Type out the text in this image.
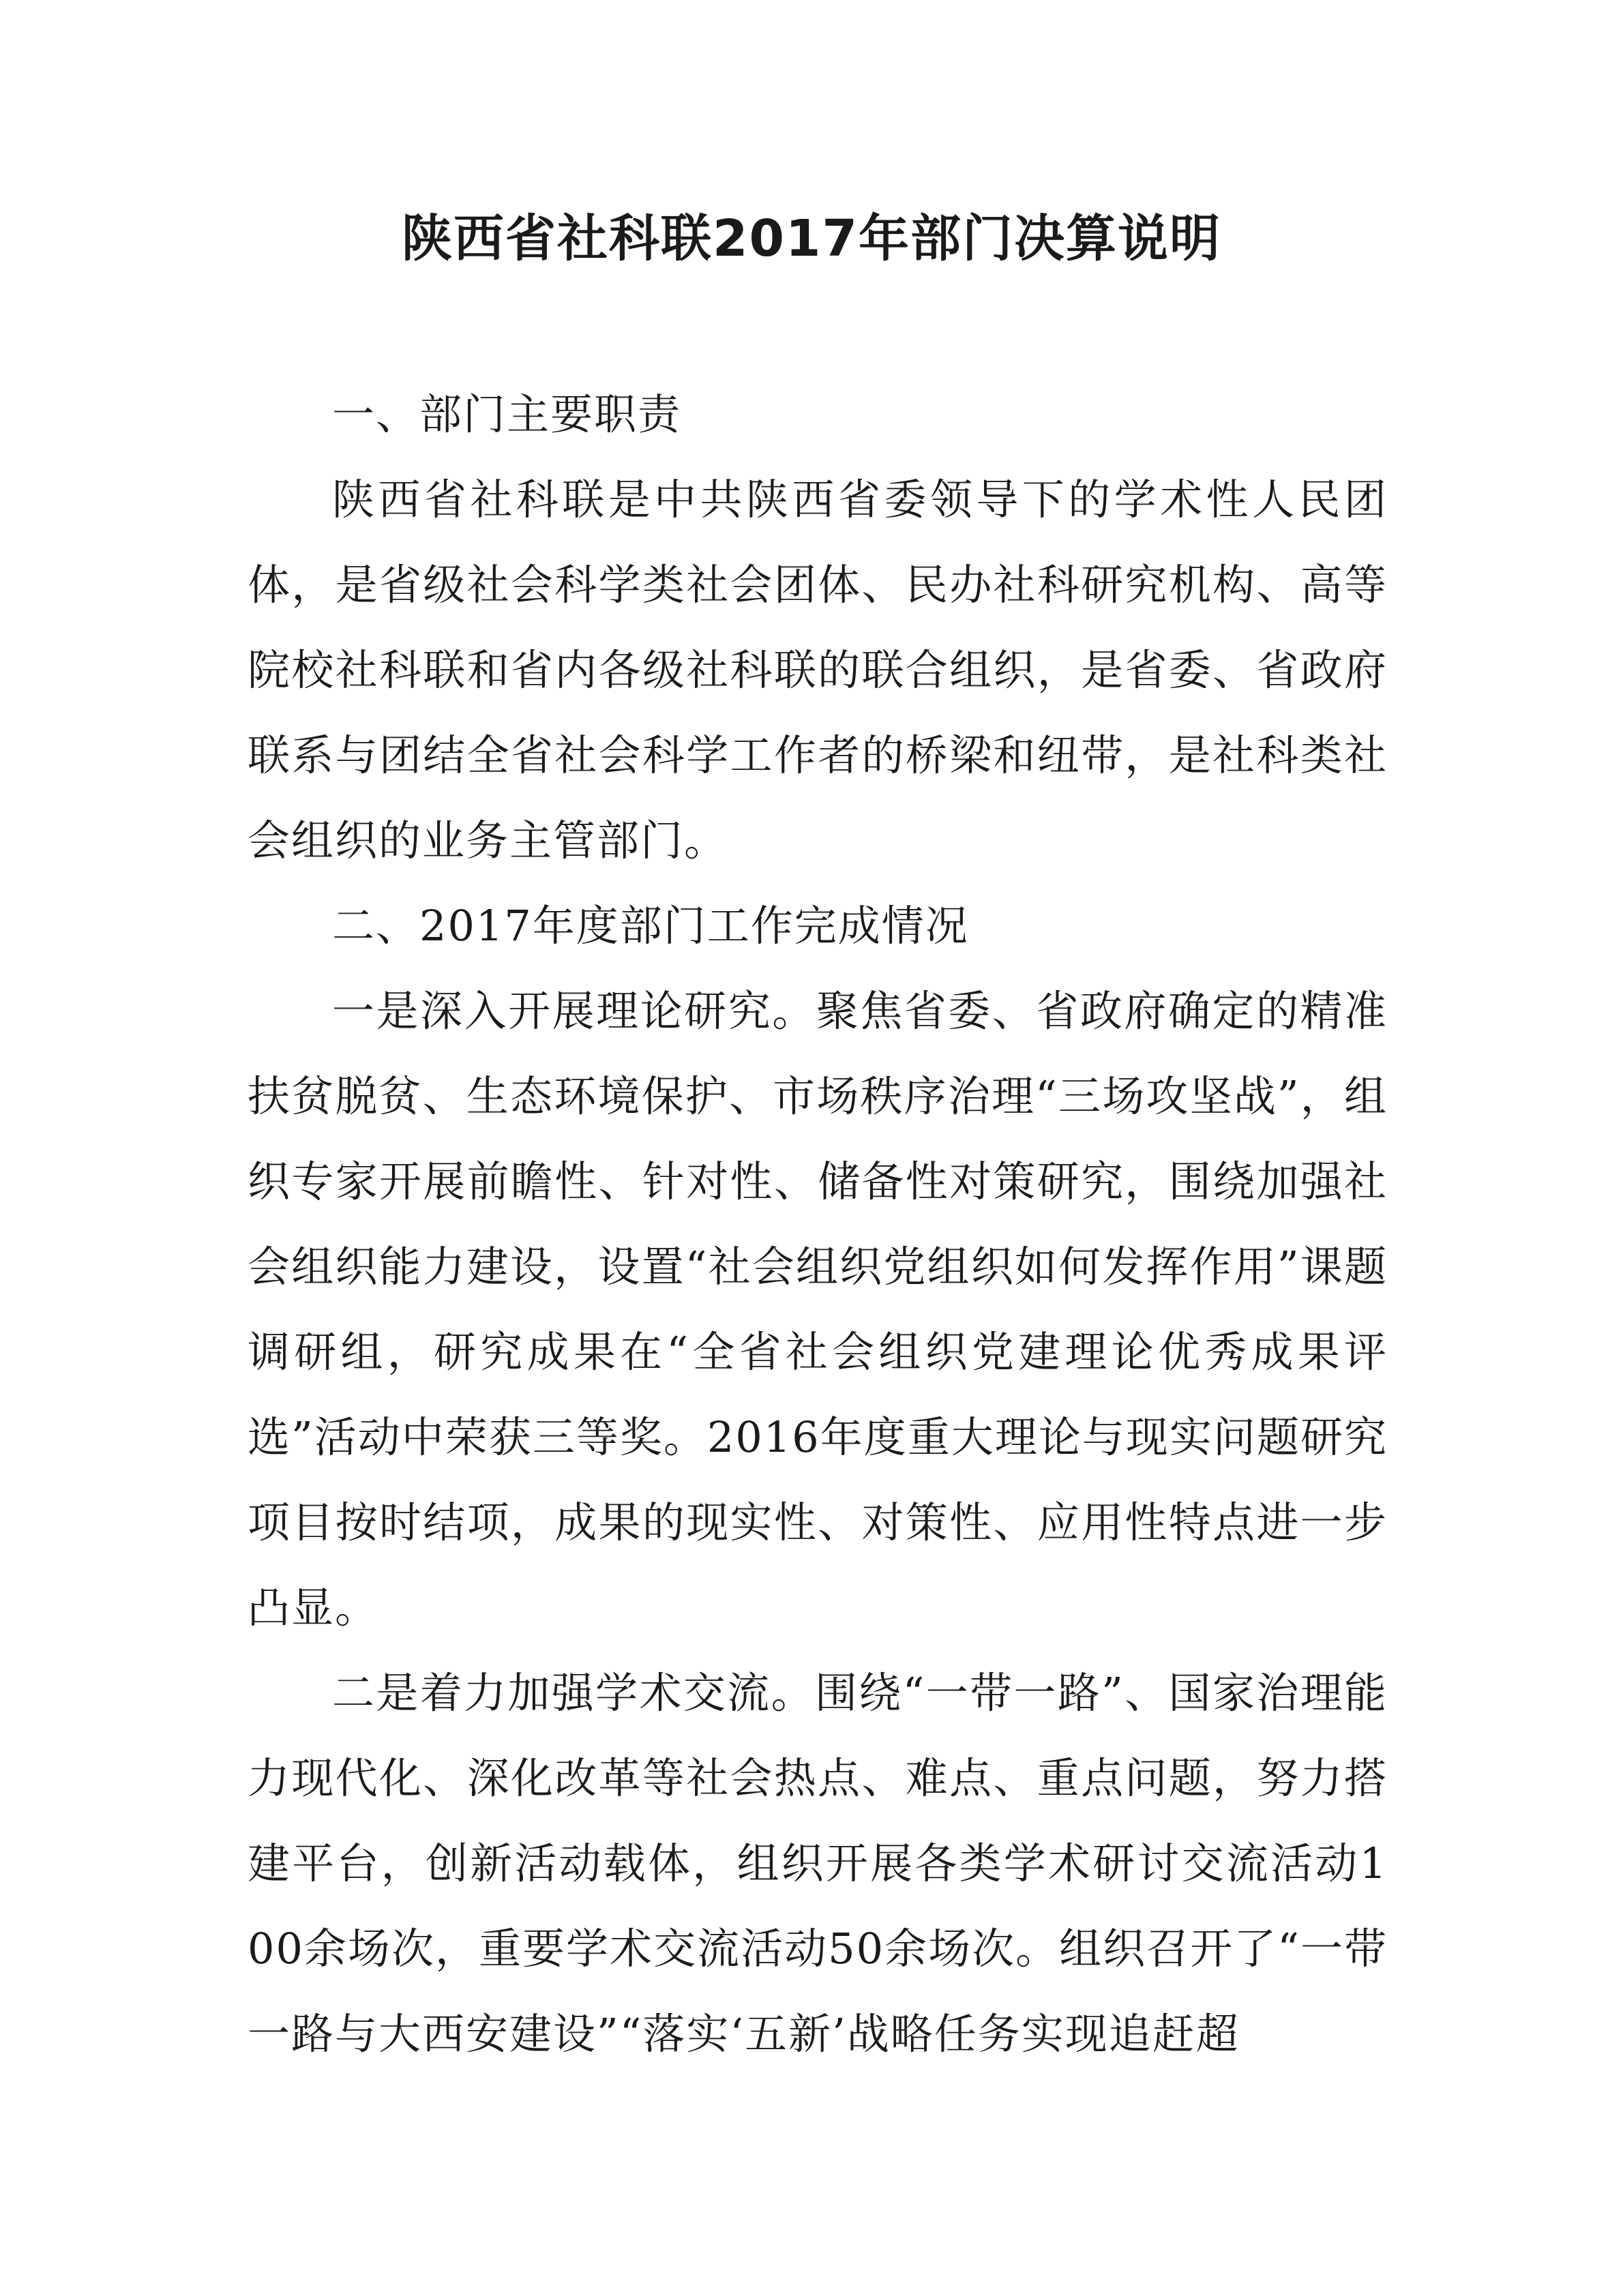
陕西省社科联2017年部门决算说明

一、部门主要职责

陕西省社科联是中共陕西省委领导下的学术性人民团体，是省级社会科学类社会团体、民办社科研究机构、高等院校社科联和省内各级社科联的联合组织，是省委、省政府联系与团结全省社会科学工作者的桥梁和纽带，是社科类社会组织的业务主管部门。

二、2017年度部门工作完成情况

一是深入开展理论研究。聚焦省委、省政府确定的精准扶贫脱贫、生态环境保护、市场秩序治理“三场攻坚战”，组织专家开展前瞻性、针对性、储备性对策研究，围绕加强社会组织能力建设，设置“社会组织党组织如何发挥作用”课题调研组，研究成果在“全省社会组织党建理论优秀成果评选”活动中荣获三等奖。2016年度重大理论与现实问题研究项目按时结项，成果的现实性、对策性、应用性特点进一步凸显。

二是着力加强学术交流。围绕“一带一路”、国家治理能力现代化、深化改革等社会热点、难点、重点问题，努力搭建平台，创新活动载体，组织开展各类学术研讨交流活动100余场次，重要学术交流活动50余场次。组织召开了“一带一路与大西安建设”“落实‘五新’战略任务实现追赶超
